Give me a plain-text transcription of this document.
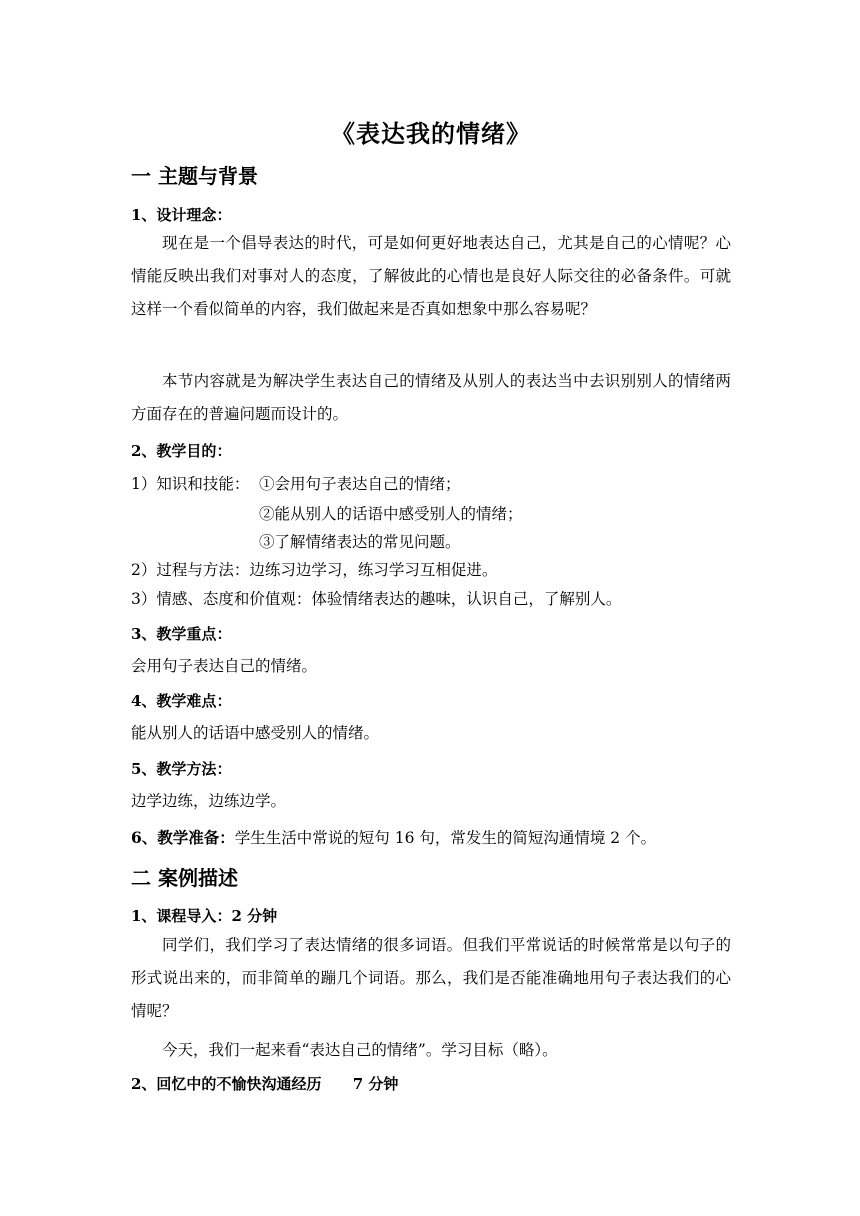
《表达我的情绪》
一 主题与背景
1、设计理念：
现在是一个倡导表达的时代，可是如何更好地表达自己，尤其是自己的心情呢？心情能反映出我们对事对人的态度，了解彼此的心情也是良好人际交往的必备条件。可就这样一个看似简单的内容，我们做起来是否真如想象中那么容易呢？
本节内容就是为解决学生表达自己的情绪及从别人的表达当中去识别别人的情绪两方面存在的普遍问题而设计的。
2、教学目的：
1）知识和技能： ①会用句子表达自己的情绪；
②能从别人的话语中感受别人的情绪；
③了解情绪表达的常见问题。
2）过程与方法：边练习边学习，练习学习互相促进。
3）情感、态度和价值观：体验情绪表达的趣味，认识自己，了解别人。
3、教学重点：
会用句子表达自己的情绪。
4、教学难点：
能从别人的话语中感受别人的情绪。
5、教学方法：
边学边练，边练边学。
6、教学准备：学生生活中常说的短句 16 句，常发生的简短沟通情境 2 个。
二 案例描述
1、课程导入：2 分钟
同学们，我们学习了表达情绪的很多词语。但我们平常说话的时候常常是以句子的形式说出来的，而非简单的蹦几个词语。那么，我们是否能准确地用句子表达我们的心情呢？
今天，我们一起来看“表达自己的情绪”。学习目标（略）。
2、回忆中的不愉快沟通经历      7 分钟
